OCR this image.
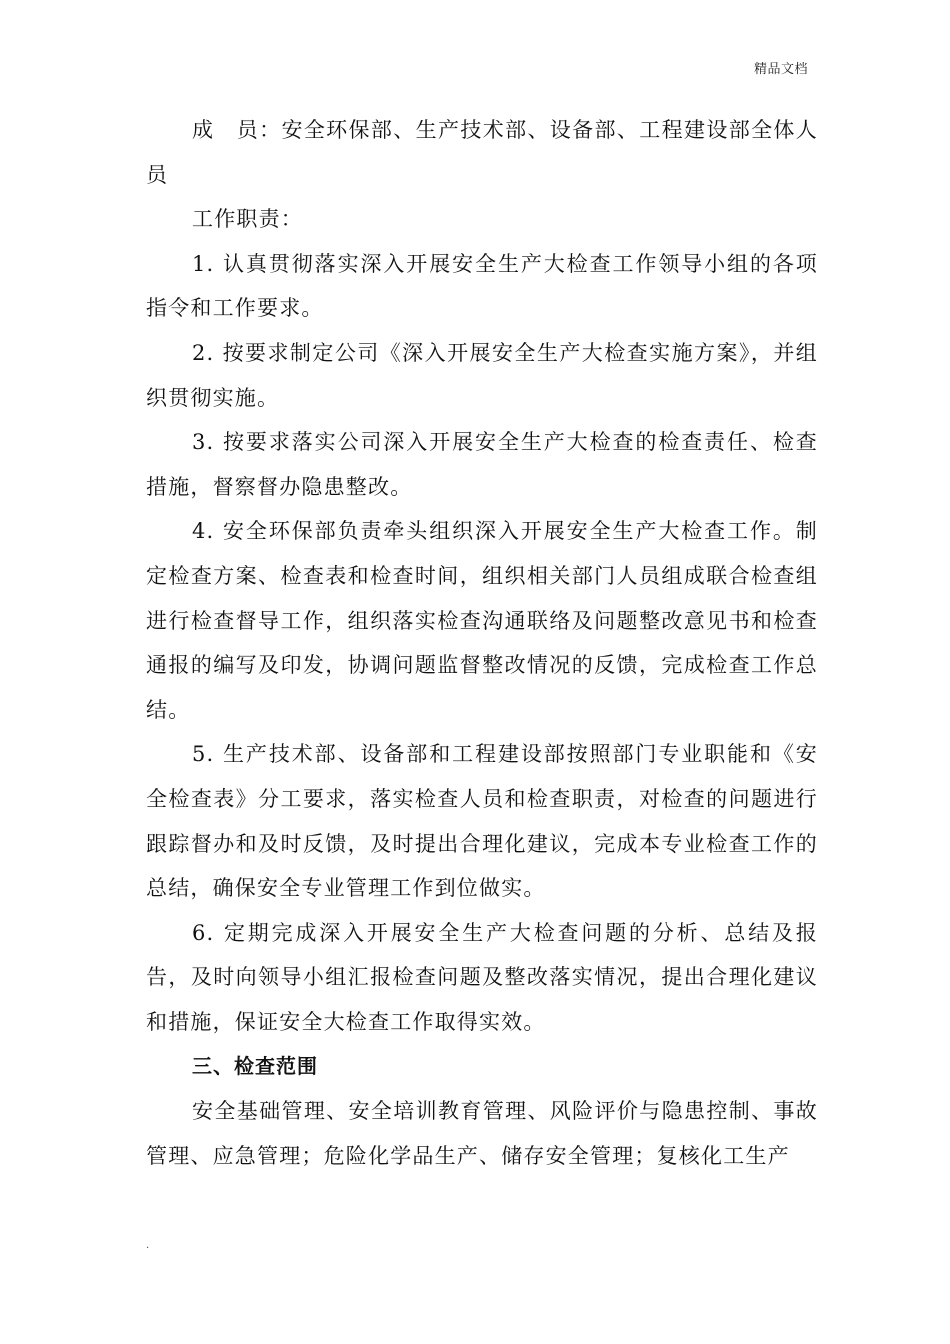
精品文档

成　员：安全环保部、生产技术部、设备部、工程建设部全体人员

工作职责：

1. 认真贯彻落实深入开展安全生产大检查工作领导小组的各项指令和工作要求。

2. 按要求制定公司《深入开展安全生产大检查实施方案》，并组织贯彻实施。

3. 按要求落实公司深入开展安全生产大检查的检查责任、检查措施，督察督办隐患整改。

4. 安全环保部负责牵头组织深入开展安全生产大检查工作。制定检查方案、检查表和检查时间，组织相关部门人员组成联合检查组进行检查督导工作，组织落实检查沟通联络及问题整改意见书和检查通报的编写及印发，协调问题监督整改情况的反馈，完成检查工作总结。

5. 生产技术部、设备部和工程建设部按照部门专业职能和《安全检查表》分工要求，落实检查人员和检查职责，对检查的问题进行跟踪督办和及时反馈，及时提出合理化建议，完成本专业检查工作的总结，确保安全专业管理工作到位做实。

6. 定期完成深入开展安全生产大检查问题的分析、总结及报告，及时向领导小组汇报检查问题及整改落实情况，提出合理化建议和措施，保证安全大检查工作取得实效。

三、检查范围

安全基础管理、安全培训教育管理、风险评价与隐患控制、事故管理、应急管理；危险化学品生产、储存安全管理；复核化工生产

.
